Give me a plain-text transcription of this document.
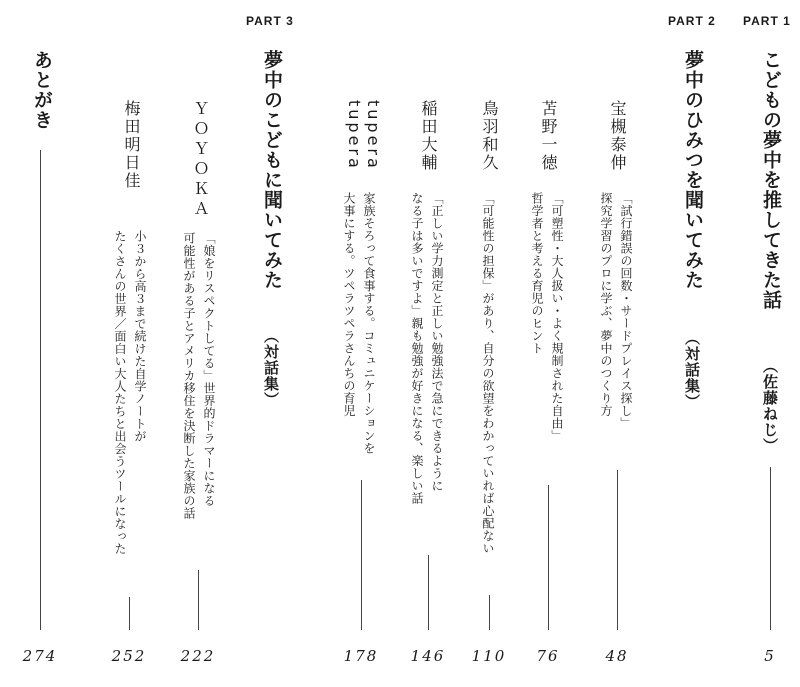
PART 1
PART 2
PART 3
こどもの夢中を推してきた話
（佐藤ねじ）
5
夢中のひみつを聞いてみた
（対話集）
宝槻泰伸
「試行錯誤の回数・サードプレイス探し」
探究学習のプロに学ぶ、夢中のつくり方
48
苫野一徳
「可塑性・大人扱い・よく規制された自由」
哲学者と考える育児のヒント
76
鳥羽和久
「可能性の担保」があり、自分の欲望をわかっていれば心配ない
110
稲田大輔
「正しい学力測定と正しい勉強法で急にできるように
なる子は多いですよ」親も勉強が好きになる、楽しい話
146
tupera
tupera
家族そろって食事する。コミュニケーションを
大事にする。ツペラツペラさんちの育児
178
夢中のこどもに聞いてみた
（対話集）
ＹＯＹＯＫＡ
「娘をリスペクトしてる」世界的ドラマーになる
可能性がある子とアメリカ移住を決断した家族の話
222
梅田明日佳
小３から高３まで続けた自学ノートが
たくさんの世界／面白い大人たちと出会うツールになった
252
あとがき
274
